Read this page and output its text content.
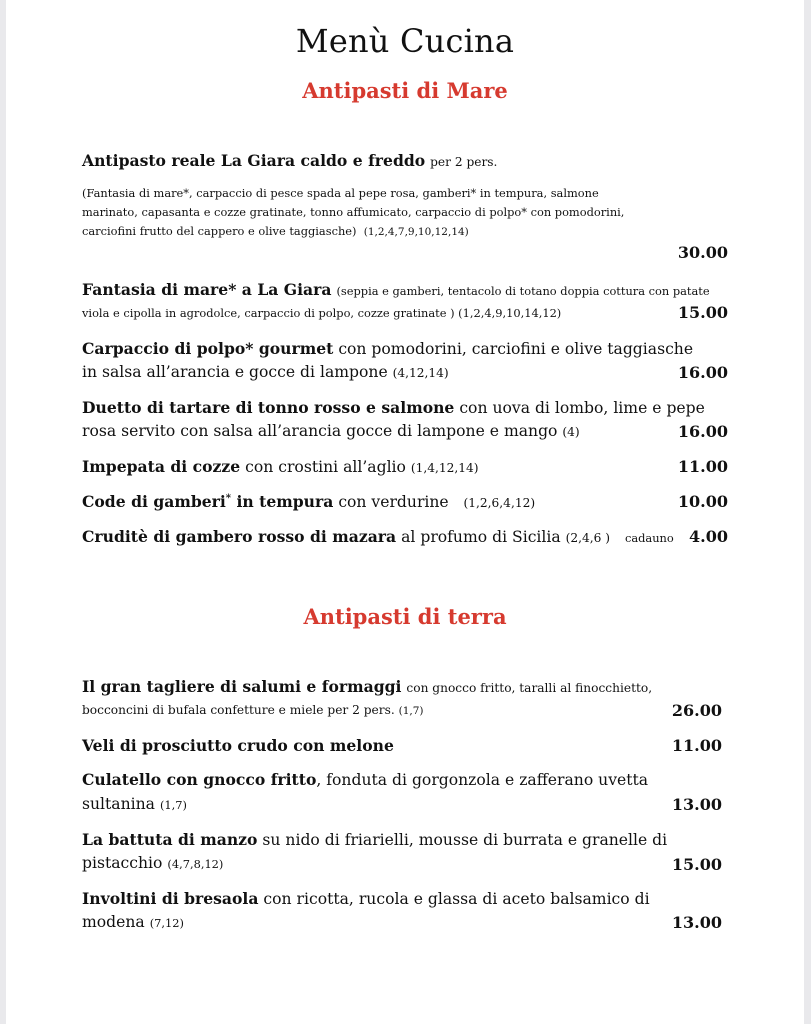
Menù Cucina
Antipasti di Mare
Antipasto reale La Giara caldo e freddo per 2 pers.
(Fantasia di mare*, carpaccio di pesce spada al pepe rosa, gamberi* in tempura, salmone
marinato, capasanta e cozze gratinate, tonno affumicato, carpaccio di polpo* con pomodorini,
carciofini frutto del cappero e olive taggiasche) (1,2,4,7,9,10,12,14)
30.00
Fantasia di mare* a La Giara (seppia e gamberi, tentacolo di totano doppia cottura con patate
viola e cipolla in agrodolce, carpaccio di polpo, cozze gratinate ) (1,2,4,9,10,14,12)	15.00
Carpaccio di polpo* gourmet con pomodorini, carciofini e olive taggiasche
in salsa all’arancia e gocce di lampone (4,12,14)	16.00
Duetto di tartare di tonno rosso e salmone con uova di lombo, lime e pepe
rosa servito con salsa all’arancia gocce di lampone e mango (4)	16.00
Impepata di cozze con crostini all’aglio (1,4,12,14)	11.00
Code di gamberi* in tempura con verdurine (1,2,6,4,12)	10.00
Cruditè di gambero rosso di mazara al profumo di Sicilia (2,4,6 ) cadauno 4.00
Antipasti di terra
Il gran tagliere di salumi e formaggi con gnocco fritto, taralli al finocchietto,
bocconcini di bufala confetture e miele per 2 pers. (1,7)	26.00
Veli di prosciutto crudo con melone	11.00
Culatello con gnocco fritto, fonduta di gorgonzola e zafferano uvetta
sultanina (1,7)	13.00
La battuta di manzo su nido di friarielli, mousse di burrata e granelle di
pistacchio (4,7,8,12)	15.00
Involtini di bresaola con ricotta, rucola e glassa di aceto balsamico di
modena (7,12)	13.00
